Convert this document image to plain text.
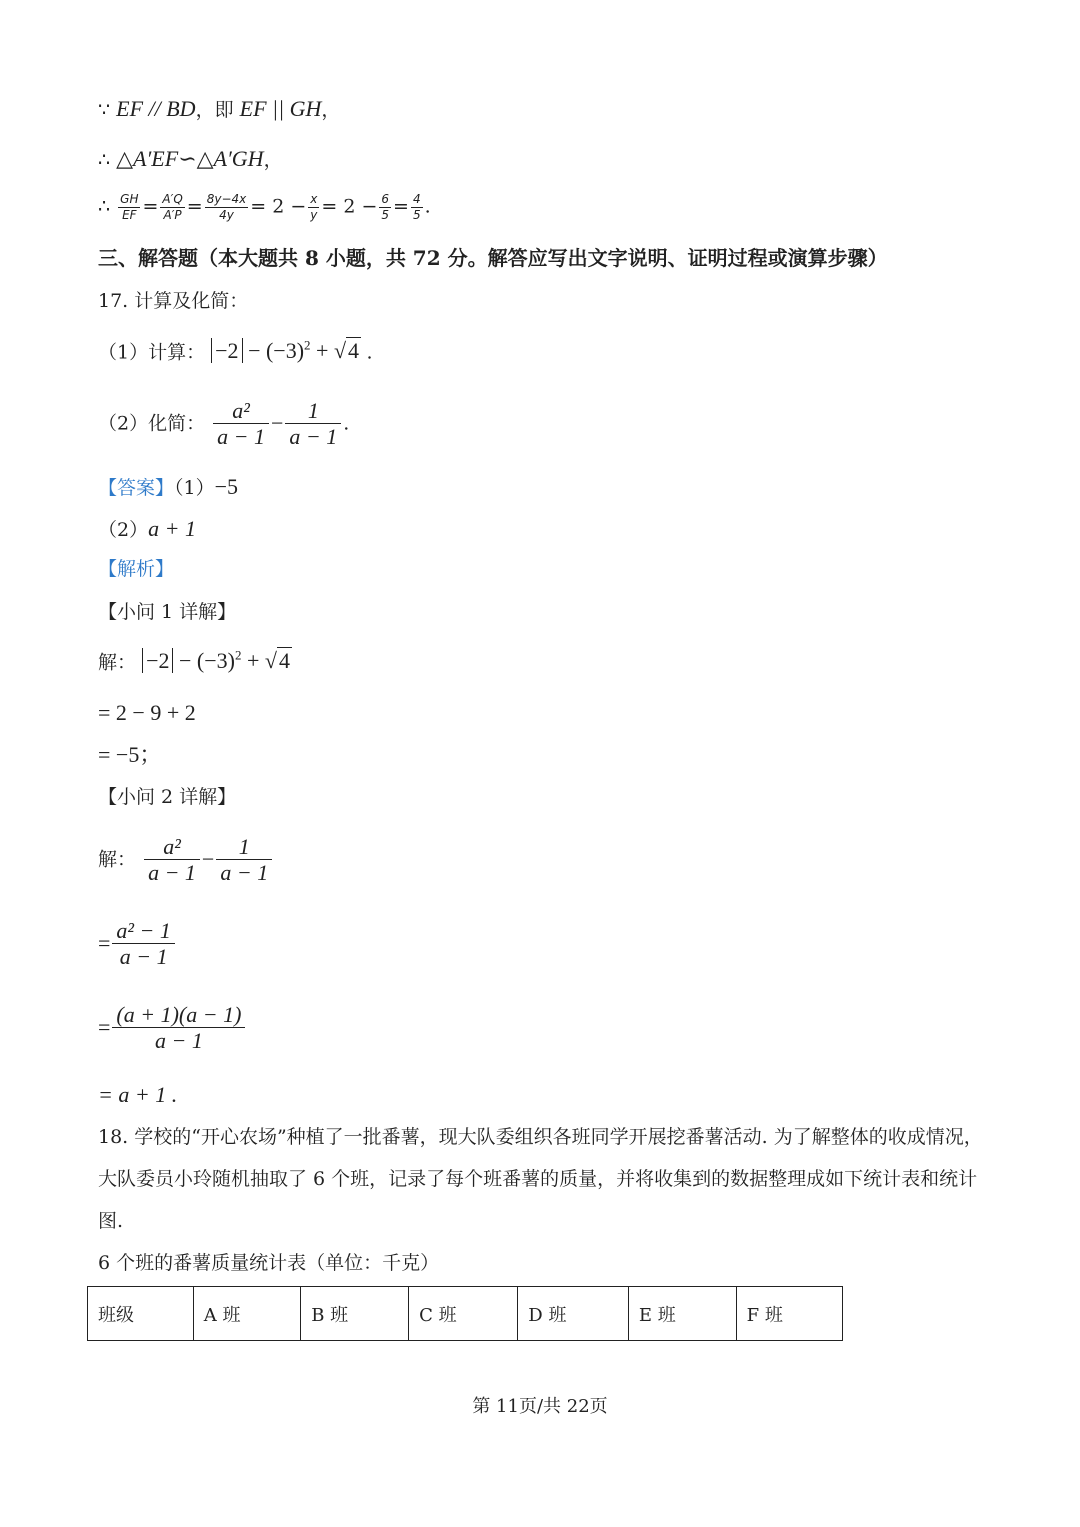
∵ EF // BD，即 EF || GH，
∴ △A′EF∽△A′GH，
∴ $\frac{GH}{EF} = \frac{A'Q}{A'P} = \frac{8y-4x}{4y} = 2 - \frac{x}{y} = 2 - \frac{6}{5} = \frac{4}{5}$ .
三、解答题（本大题共 8 小题，共 72 分。解答应写出文字说明、证明过程或演算步骤）
17. 计算及化简：
（1）计算： $-2 - (-3)^2 + √4$ .
（2）化简： $\frac{\text{a²}}{a - 1} - \frac{1}{a - 1}$ .
【答案】（1）−5
（2）a + 1
【解析】
【小问 1 详解】
解： $-2 - (-3)^2 + √4$
= 2 − 9 + 2
= −5；
【小问 2 详解】
解： $\frac{\text{a²}}{a - 1} - \frac{1}{a - 1}$
= $\frac{\text{a² − 1}}{a - 1}$
= $\frac{(a + 1)(a - 1)}{a - 1}$
= a + 1 .
18. 学校的“开心农场”种植了一批番薯，现大队委组织各班同学开展挖番薯活动. 为了解整体的收成情况，
大队委员小玲随机抽取了 6 个班，记录了每个班番薯的质量，并将收集到的数据整理成如下统计表和统计
图.
6 个班的番薯质量统计表（单位：千克）
班级	A 班	B 班	C 班	D 班	E 班	F 班
第 11页/共 22页
